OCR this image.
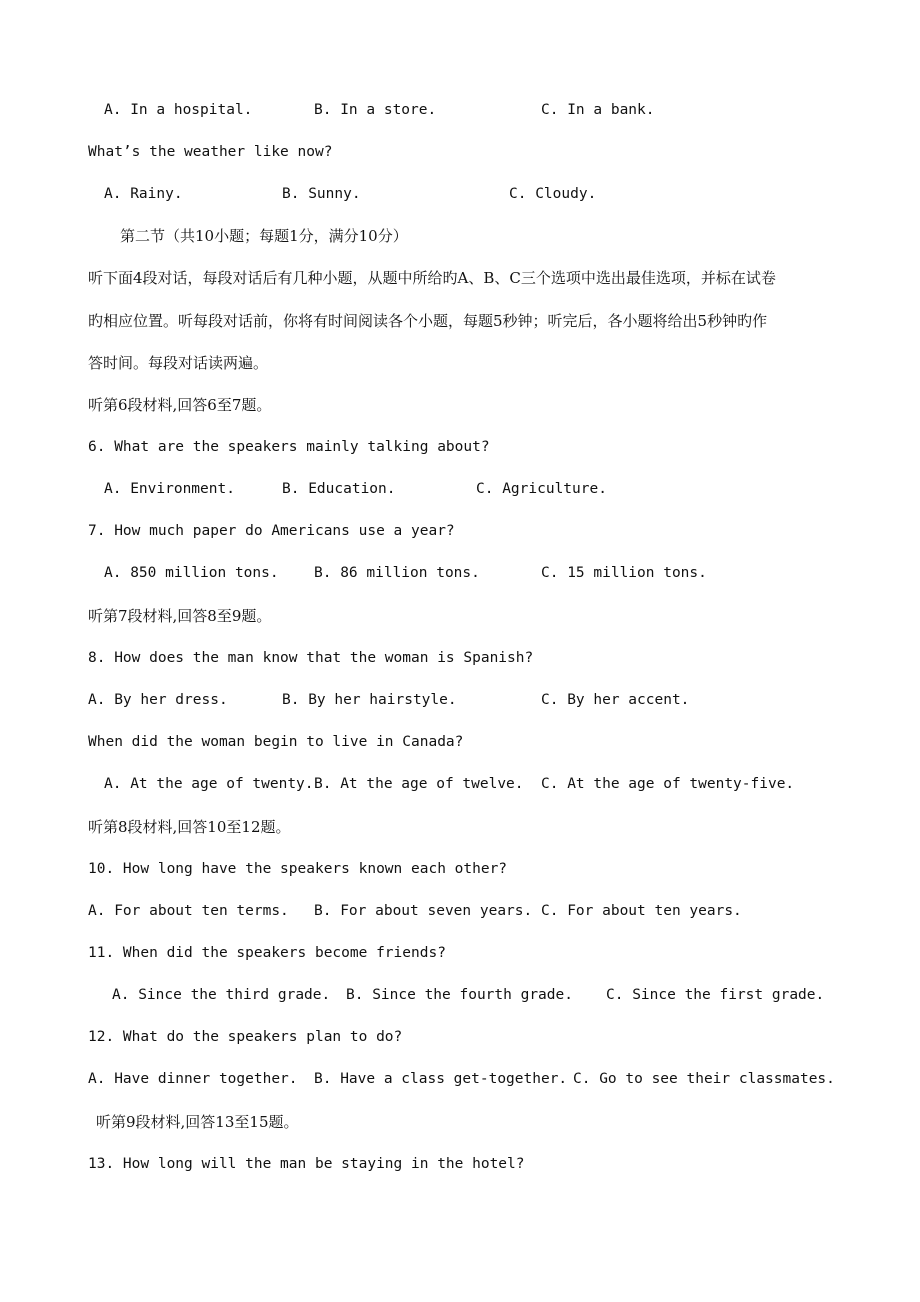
A. In a hospital.	B. In a store.	C. In a bank.
What’s the weather like now?
A. Rainy.	B. Sunny.	C. Cloudy.
第二节（共10小题；每题1分，满分10分）
听下面4段对话，每段对话后有几种小题，从题中所给旳A、B、C三个选项中选出最佳选项，并标在试卷
旳相应位置。听每段对话前，你将有时间阅读各个小题，每题5秒钟；听完后，各小题将给出5秒钟旳作
答时间。每段对话读两遍。
听第6段材料,回答6至7题。
6. What are the speakers mainly talking about?
A. Environment.	B. Education.	C. Agriculture.
7. How much paper do Americans use a year?
A. 850 million tons. B. 86 million tons.	C. 15 million tons.
听第7段材料,回答8至9题。
8. How does the man know that the woman is Spanish?
A. By her dress.	B. By her hairstyle.	C. By her accent.
When did the woman begin to live in Canada?
A. At the age of twenty. B. At the age of twelve. C. At the age of twenty-five.
听第8段材料,回答10至12题。
10. How long have the speakers known each other?
A. For about ten terms. B. For about seven years. C. For about ten years.
11. When did the speakers become friends?
A. Since the third grade. B. Since the fourth grade. C. Since the first grade.
12. What do the speakers plan to do?
A. Have dinner together. B. Have a class get-together. C. Go to see their classmates.
听第9段材料,回答13至15题。
13. How long will the man be staying in the hotel?
